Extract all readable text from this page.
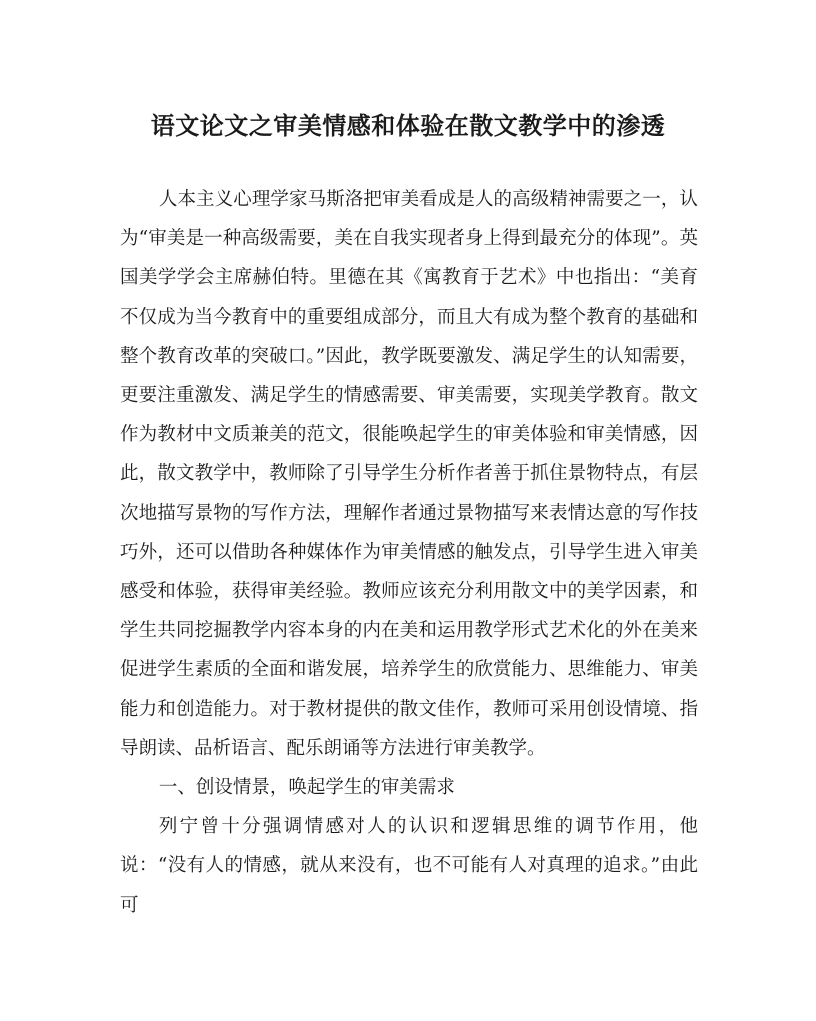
语文论文之审美情感和体验在散文教学中的渗透

人本主义心理学家马斯洛把审美看成是人的高级精神需要之一，认为“审美是一种高级需要，美在自我实现者身上得到最充分的体现”。英国美学学会主席赫伯特。里德在其《寓教育于艺术》中也指出：“美育不仅成为当今教育中的重要组成部分，而且大有成为整个教育的基础和整个教育改革的突破口。”因此，教学既要激发、满足学生的认知需要，更要注重激发、满足学生的情感需要、审美需要，实现美学教育。散文作为教材中文质兼美的范文，很能唤起学生的审美体验和审美情感，因此，散文教学中，教师除了引导学生分析作者善于抓住景物特点，有层次地描写景物的写作方法，理解作者通过景物描写来表情达意的写作技巧外，还可以借助各种媒体作为审美情感的触发点，引导学生进入审美感受和体验，获得审美经验。教师应该充分利用散文中的美学因素，和学生共同挖掘教学内容本身的内在美和运用教学形式艺术化的外在美来促进学生素质的全面和谐发展，培养学生的欣赏能力、思维能力、审美能力和创造能力。对于教材提供的散文佳作，教师可采用创设情境、指导朗读、品析语言、配乐朗诵等方法进行审美教学。

一、创设情景，唤起学生的审美需求

列宁曾十分强调情感对人的认识和逻辑思维的调节作用，他说：“没有人的情感，就从来没有，也不可能有人对真理的追求。”由此可
